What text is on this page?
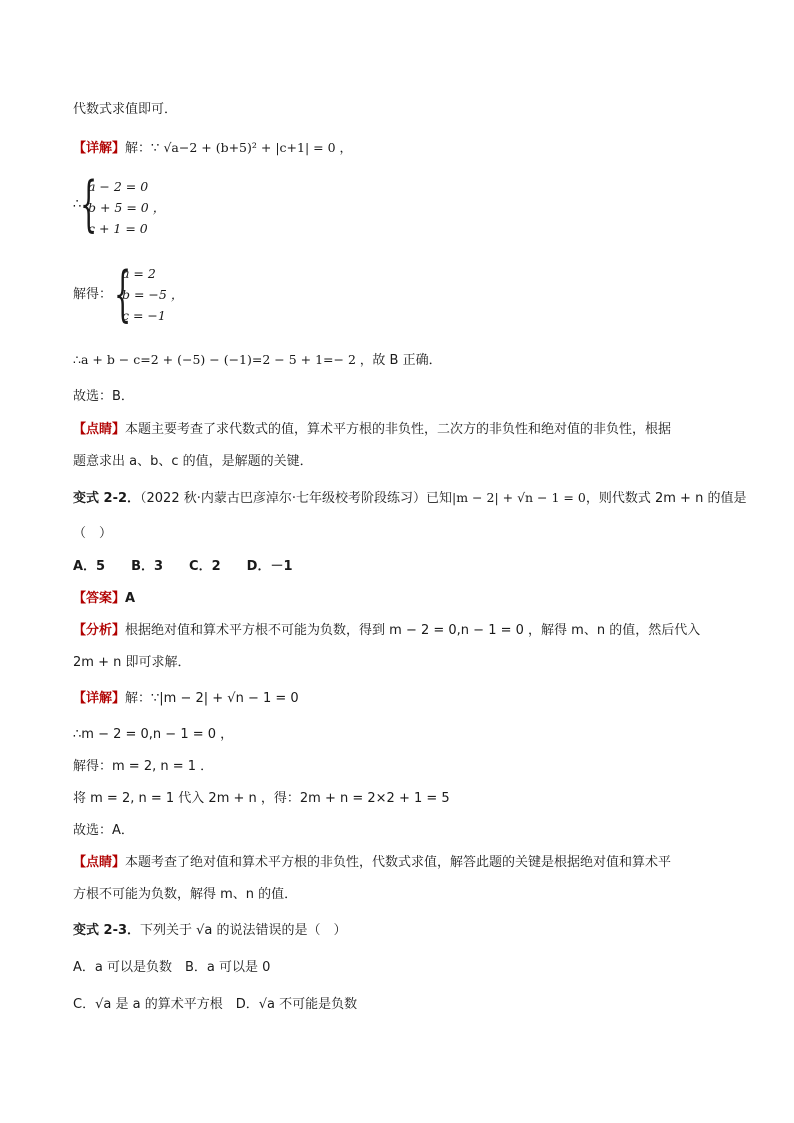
代数式求值即可．
【详解】解：∵ √a−2 + (b+5)² + |c+1| = 0 ，
∴
{
a − 2 = 0
b + 5 = 0 ，
c + 1 = 0
解得： {
a = 2
b = −5 ，
c = −1
∴a + b − c=2 + (−5) − (−1)=2 − 5 + 1=− 2 ，故 B 正确．
故选：B．
【点睛】本题主要考查了求代数式的值，算术平方根的非负性，二次方的非负性和绝对值的非负性，根据
题意求出 a、b、c 的值，是解题的关键．
变式 2-2．（2022 秋·内蒙古巴彦淖尔·七年级校考阶段练习）已知|m − 2| + √n − 1 = 0，则代数式 2m + n 的值是
（　）
A．5　　B．3　　C．2　　D．－1
【答案】A
【分析】根据绝对值和算术平方根不可能为负数，得到 m − 2 = 0,n − 1 = 0 ，解得 m、n 的值，然后代入
2m + n 即可求解．
【详解】解：∵|m − 2| + √n − 1 = 0
∴m − 2 = 0,n − 1 = 0 ，
解得：m = 2, n = 1 ．
将 m = 2, n = 1 代入 2m + n ，得：2m + n = 2×2 + 1 = 5
故选：A．
【点睛】本题考查了绝对值和算术平方根的非负性，代数式求值，解答此题的关键是根据绝对值和算术平
方根不可能为负数，解得 m、n 的值．
变式 2-3．下列关于 √a 的说法错误的是（　）
A．a 可以是负数　B．a 可以是 0
C．√a 是 a 的算术平方根　D．√a 不可能是负数
